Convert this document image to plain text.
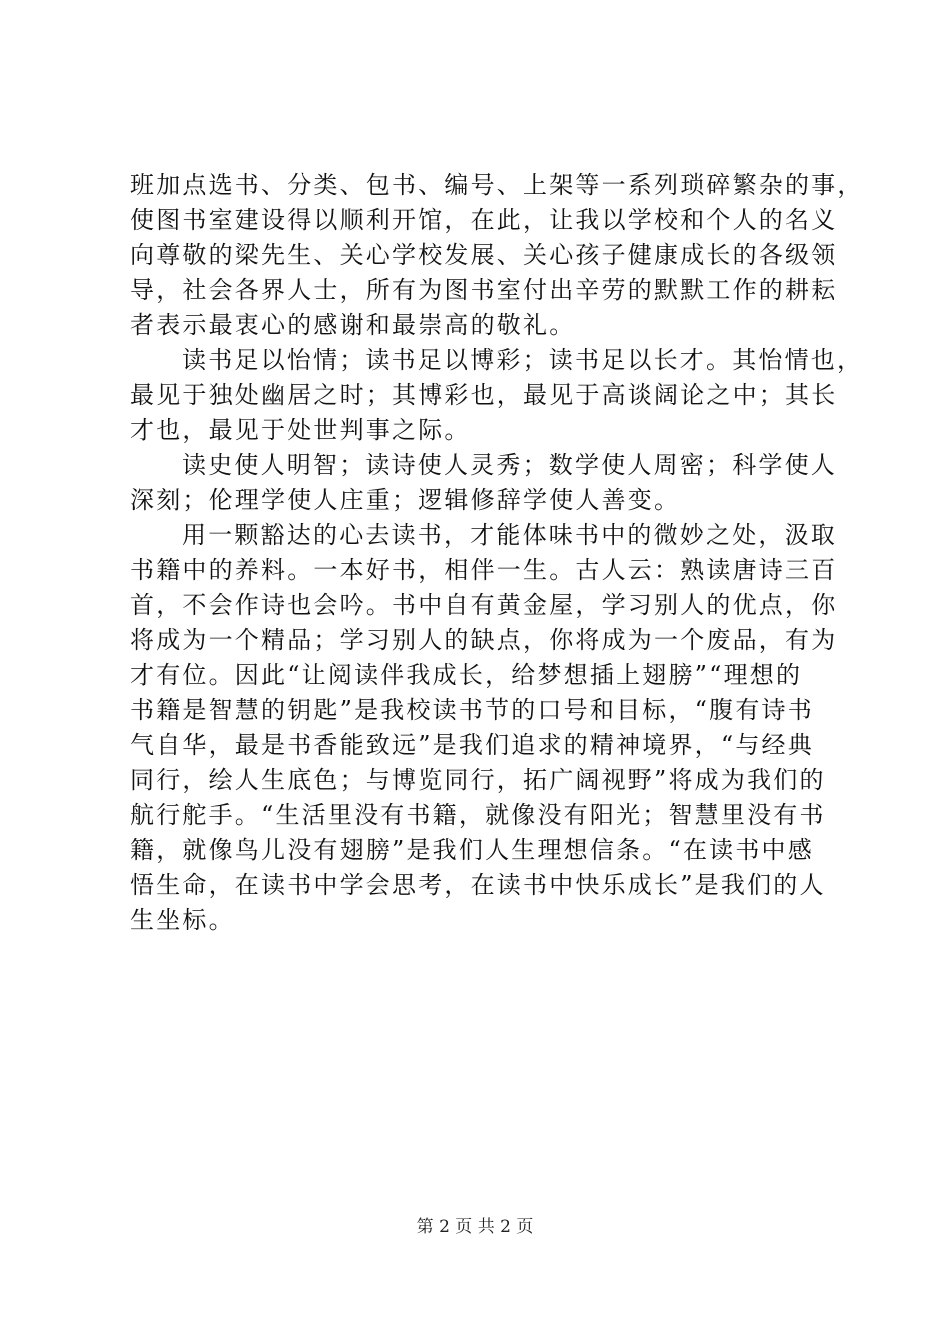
班加点选书、分类、包书、编号、上架等一系列琐碎繁杂的事，
使图书室建设得以顺利开馆，在此，让我以学校和个人的名义
向尊敬的梁先生、关心学校发展、关心孩子健康成长的各级领
导，社会各界人士，所有为图书室付出辛劳的默默工作的耕耘
者表示最衷心的感谢和最崇高的敬礼。
读书足以怡情；读书足以博彩；读书足以长才。其怡情也，
最见于独处幽居之时；其博彩也，最见于高谈阔论之中；其长
才也，最见于处世判事之际。
读史使人明智；读诗使人灵秀；数学使人周密；科学使人
深刻；伦理学使人庄重；逻辑修辞学使人善变。
用一颗豁达的心去读书，才能体味书中的微妙之处，汲取
书籍中的养料。一本好书，相伴一生。古人云：熟读唐诗三百
首，不会作诗也会吟。书中自有黄金屋，学习别人的优点，你
将成为一个精品；学习别人的缺点，你将成为一个废品，有为
才有位。因此“让阅读伴我成长，给梦想插上翅膀”“理想的
书籍是智慧的钥匙”是我校读书节的口号和目标，“腹有诗书
气自华，最是书香能致远”是我们追求的精神境界，“与经典
同行，绘人生底色；与博览同行，拓广阔视野”将成为我们的
航行舵手。“生活里没有书籍，就像没有阳光；智慧里没有书
籍，就像鸟儿没有翅膀”是我们人生理想信条。“在读书中感
悟生命，在读书中学会思考，在读书中快乐成长”是我们的人
生坐标。
第 2 页 共 2 页
